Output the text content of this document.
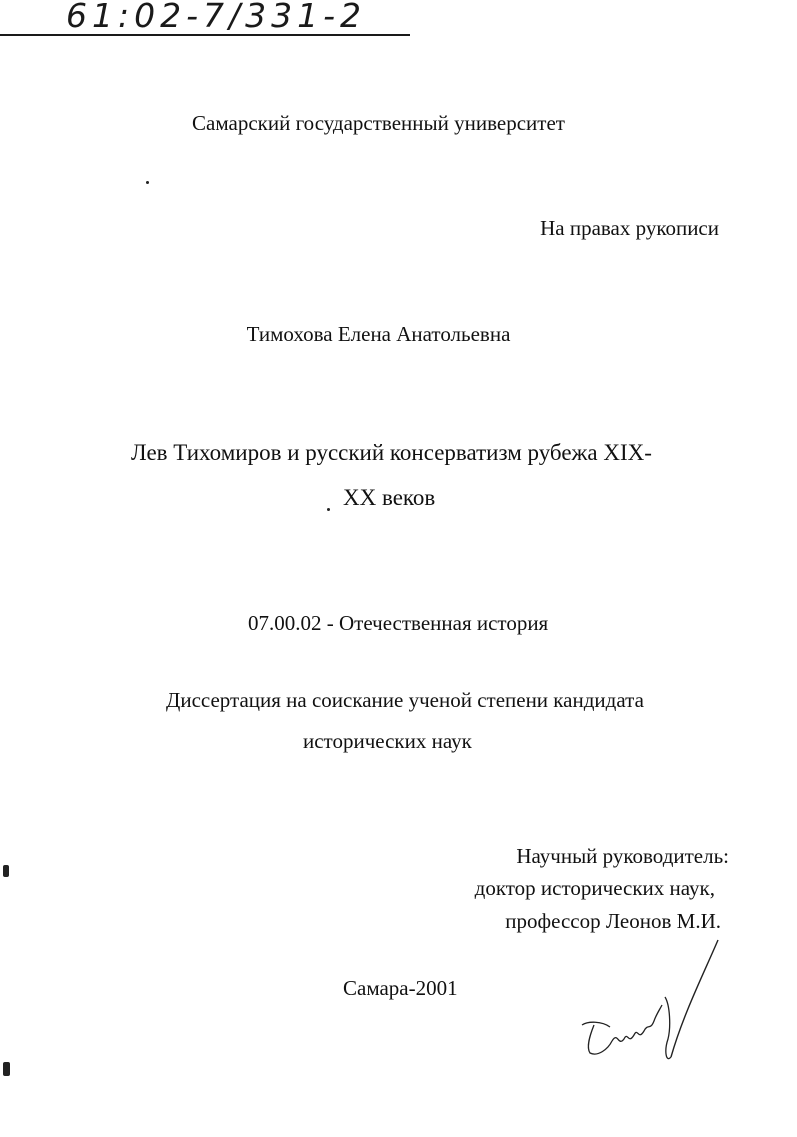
61:02-7/331-2
Самарский государственный университет
На правах рукописи
Тимохова Елена Анатольевна
Лев Тихомиров и русский консерватизм рубежа XIX-
XX веков
07.00.02 - Отечественная история
Диссертация на соискание ученой степени кандидата
исторических наук
Научный руководитель:
доктор исторических наук,
профессор Леонов М.И.
Самара-2001
